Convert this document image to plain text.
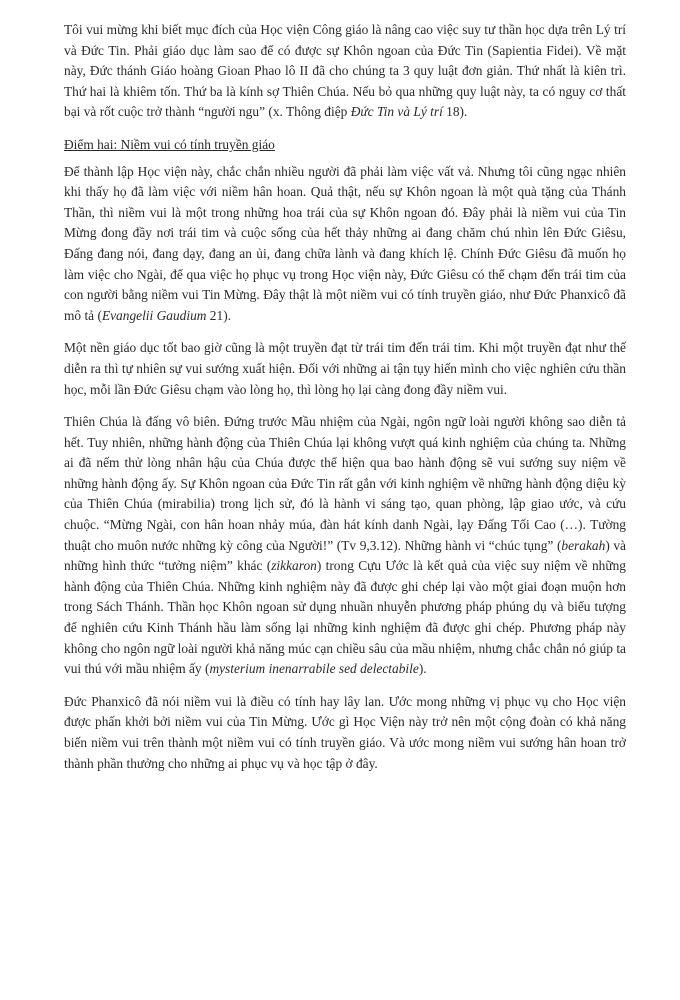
Tôi vui mừng khi biết mục đích của Học viện Công giáo là nâng cao việc suy tư thần học dựa trên Lý trí và Đức Tin. Phải giáo dục làm sao để có được sự Khôn ngoan của Đức Tin (Sapientia Fidei). Về mặt này, Đức thánh Giáo hoàng Gioan Phao lô II đã cho chúng ta 3 quy luật đơn giản. Thứ nhất là kiên trì. Thứ hai là khiêm tốn. Thứ ba là kính sợ Thiên Chúa. Nếu bỏ qua những quy luật này, ta có nguy cơ thất bại và rốt cuộc trở thành “người ngu” (x. Thông điệp Đức Tin và Lý trí 18).

Điểm hai: Niềm vui có tính truyền giáo

Để thành lập Học viện này, chắc chắn nhiều người đã phải làm việc vất vả. Nhưng tôi cũng ngạc nhiên khi thấy họ đã làm việc với niềm hân hoan. Quả thật, nếu sự Khôn ngoan là một quà tặng của Thánh Thần, thì niềm vui là một trong những hoa trái của sự Khôn ngoan đó. Đây phải là niềm vui của Tin Mừng đong đầy nơi trái tim và cuộc sống của hết thảy những ai đang chăm chú nhìn lên Đức Giêsu, Đấng đang nói, đang dạy, đang an ủi, đang chữa lành và đang khích lệ. Chính Đức Giêsu đã muốn họ làm việc cho Ngài, để qua việc họ phục vụ trong Học viện này, Đức Giêsu có thể chạm đến trái tim của con người bằng niềm vui Tin Mừng. Đây thật là một niềm vui có tính truyền giáo, như Đức Phanxicô đã mô tả (Evangelii Gaudium 21).

Một nền giáo dục tốt bao giờ cũng là một truyền đạt từ trái tim đến trái tim. Khi một truyền đạt như thế diễn ra thì tự nhiên sự vui sướng xuất hiện. Đối với những ai tận tụy hiến mình cho việc nghiên cứu thần học, mỗi lần Đức Giêsu chạm vào lòng họ, thì lòng họ lại càng đong đầy niềm vui.

Thiên Chúa là đấng vô biên. Đứng trước Mầu nhiệm của Ngài, ngôn ngữ loài người không sao diễn tả hết. Tuy nhiên, những hành động của Thiên Chúa lại không vượt quá kinh nghiệm của chúng ta. Những ai đã nếm thử lòng nhân hậu của Chúa được thể hiện qua bao hành động sẽ vui sướng suy niệm về những hành động ấy. Sự Khôn ngoan của Đức Tin rất gắn với kinh nghiệm về những hành động diệu kỳ của Thiên Chúa (mirabilia) trong lịch sử, đó là hành vi sáng tạo, quan phòng, lập giao ước, và cứu chuộc. “Mừng Ngài, con hân hoan nhảy múa, đàn hát kính danh Ngài, lạy Đấng Tối Cao (…). Tường thuật cho muôn nước những kỳ công của Người!” (Tv 9,3.12). Những hành vi “chúc tụng” (berakah) và những hình thức “tưởng niệm” khác (zikkaron) trong Cựu Ước là kết quả của việc suy niệm về những hành động của Thiên Chúa. Những kinh nghiệm này đã được ghi chép lại vào một giai đoạn muộn hơn trong Sách Thánh. Thần học Khôn ngoan sử dụng nhuần nhuyễn phương pháp phúng dụ và biểu tượng để nghiên cứu Kinh Thánh hầu làm sống lại những kinh nghiệm đã được ghi chép. Phương pháp này không cho ngôn ngữ loài người khả năng múc cạn chiều sâu của mầu nhiệm, nhưng chắc chắn nó giúp ta vui thú với mầu nhiệm ấy (mysterium inenarrabile sed delectabile).

Đức Phanxicô đã nói niềm vui là điều có tính hay lây lan. Ước mong những vị phục vụ cho Học viện được phấn khởi bởi niềm vui của Tin Mừng. Ước gì Học Viện này trở nên một cộng đoàn có khả năng biến niềm vui trên thành một niềm vui có tính truyền giáo. Và ước mong niềm vui sướng hân hoan trở thành phần thưởng cho những ai phục vụ và học tập ở đây.
